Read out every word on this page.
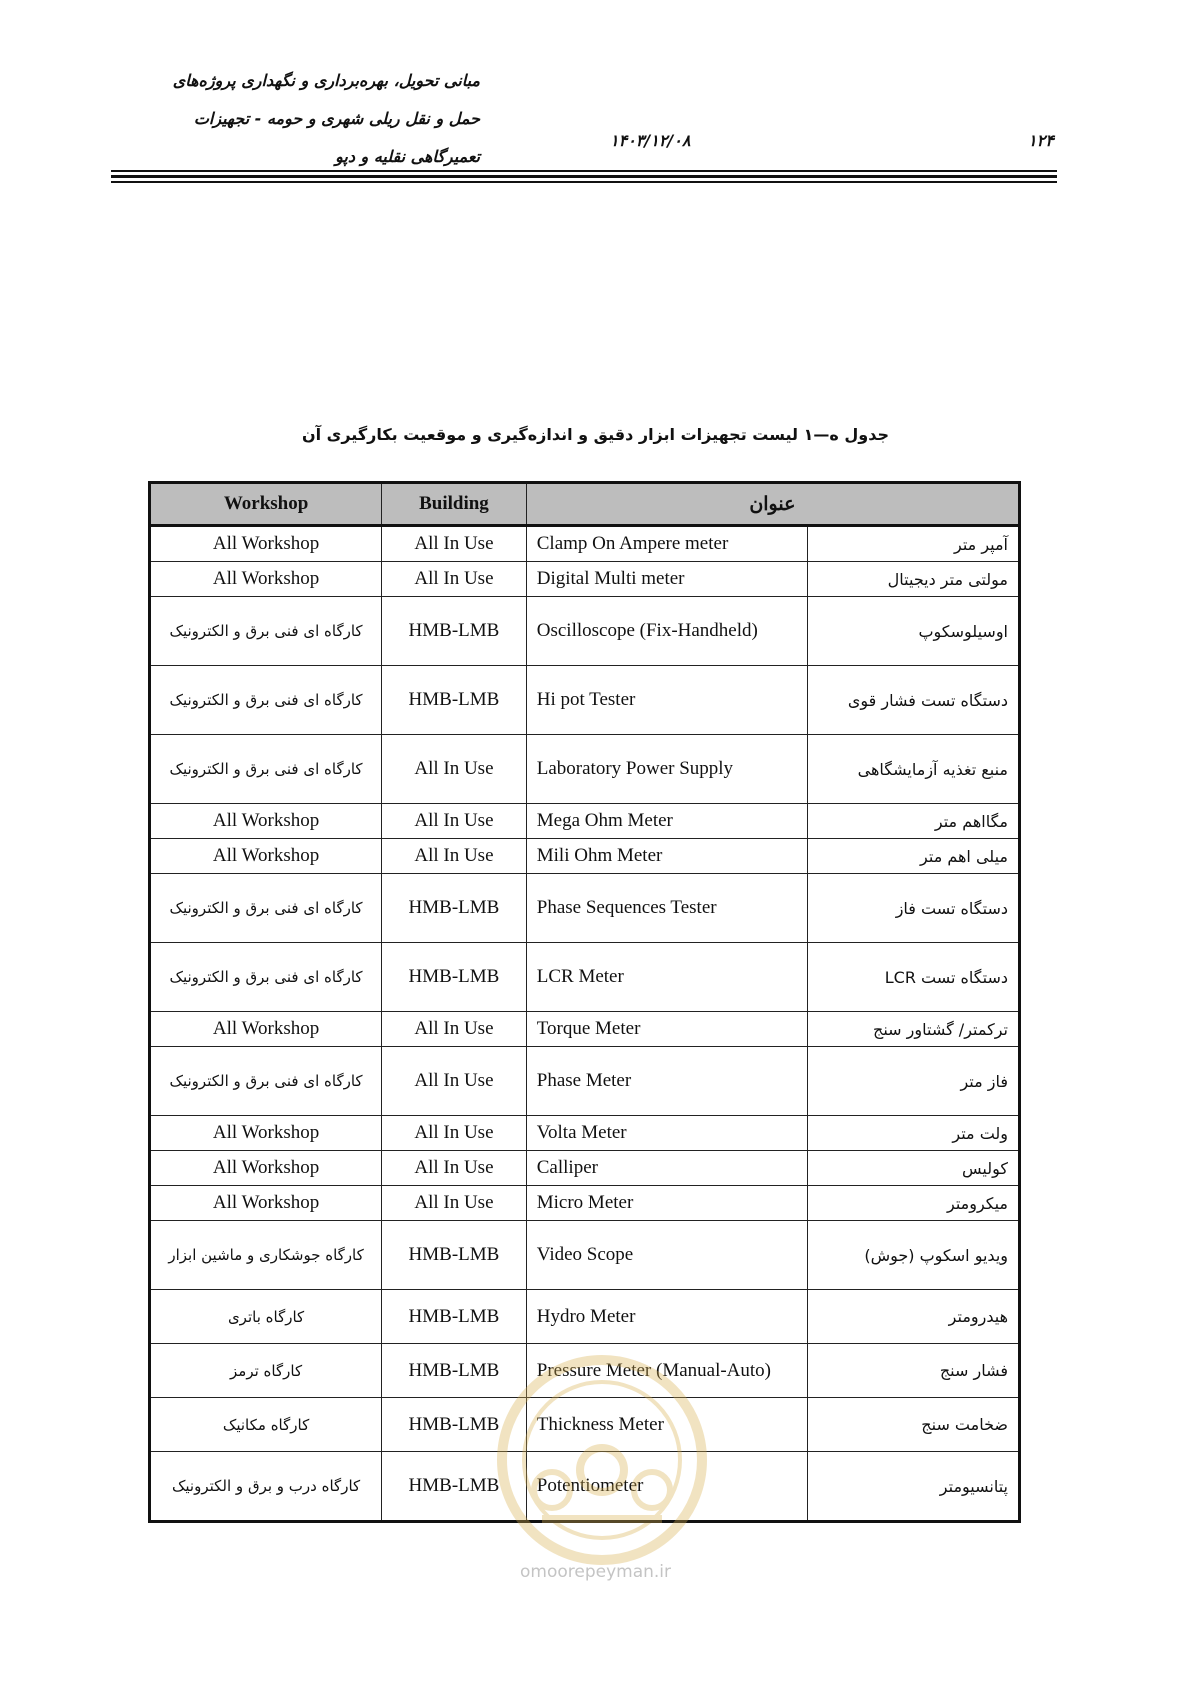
مبانی تحویل، بهره‌برداری و نگهداری پروژه‌های
حمل و نقل ریلی شهری و حومه - تجهیزات
تعمیرگاهی نقلیه و دپو
۱۴۰۳/۱۲/۰۸	۱۲۴
جدول ه—۱ لیست تجهیزات ابزار دقیق و اندازه‌گیری و موقعیت بکارگیری آن
Workshop	Building	عنوان	
All Workshop	All In Use	Clamp On Ampere meter	آمپر متر
All Workshop	All In Use	Digital Multi meter	مولتی متر دیجیتال
کارگاه ای فنی برق و الکترونیک	HMB-LMB	Oscilloscope (Fix-Handheld)	اوسیلوسکوپ
کارگاه ای فنی برق و الکترونیک	HMB-LMB	Hi pot Tester	دستگاه تست فشار قوی
کارگاه ای فنی برق و الکترونیک	All In Use	Laboratory Power Supply	منبع تغذیه آزمایشگاهی
All Workshop	All In Use	Mega Ohm Meter	مگااهم متر
All Workshop	All In Use	Mili Ohm Meter	میلی اهم متر
کارگاه ای فنی برق و الکترونیک	HMB-LMB	Phase Sequences Tester	دستگاه تست فاز
کارگاه ای فنی برق و الکترونیک	HMB-LMB	LCR Meter	دستگاه تست LCR
All Workshop	All In Use	Torque Meter	ترکمتر/ گشتاور سنج
کارگاه ای فنی برق و الکترونیک	All In Use	Phase Meter	فاز متر
All Workshop	All In Use	Volta Meter	ولت متر
All Workshop	All In Use	Calliper	کولیس
All Workshop	All In Use	Micro Meter	میکرومتر
کارگاه جوشکاری و ماشین ابزار	HMB-LMB	Video Scope	ویدیو اسکوپ (جوش)
کارگاه باتری	HMB-LMB	Hydro Meter	هیدرومتر
کارگاه ترمز	HMB-LMB	Pressure Meter (Manual-Auto)	فشار سنج
کارگاه مکانیک	HMB-LMB	Thickness Meter	ضخامت سنج
کارگاه درب و برق و الکترونیک	HMB-LMB	Potentiometer	پتانسیومتر
omoorepeyman.ir
